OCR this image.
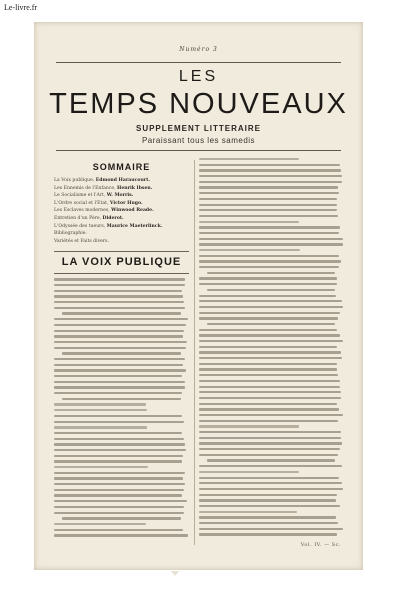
Le-livre.fr
Numéro 3
LES
TEMPS NOUVEAUX
SUPPLEMENT LITTERAIRE
Paraissant tous les samedis
SOMMAIRE
La Voix publique, Edmond Haraucourt.
Les Ennemis de l'Enfance, Henrik Ibsen.
Le Socialisme et l'Art, W. Morris.
L'Ordre social et l'Etat, Victor Hugo.
Les Esclaves modernes, Winwood Reade.
Entretien d'un Père, Diderot.
L'Odyssée des tueurs, Maurice Maeterlinck.
Bibliographie.
Variétés et Faits divers.
LA VOIX PUBLIQUE
Vol. IV. — Sc.
